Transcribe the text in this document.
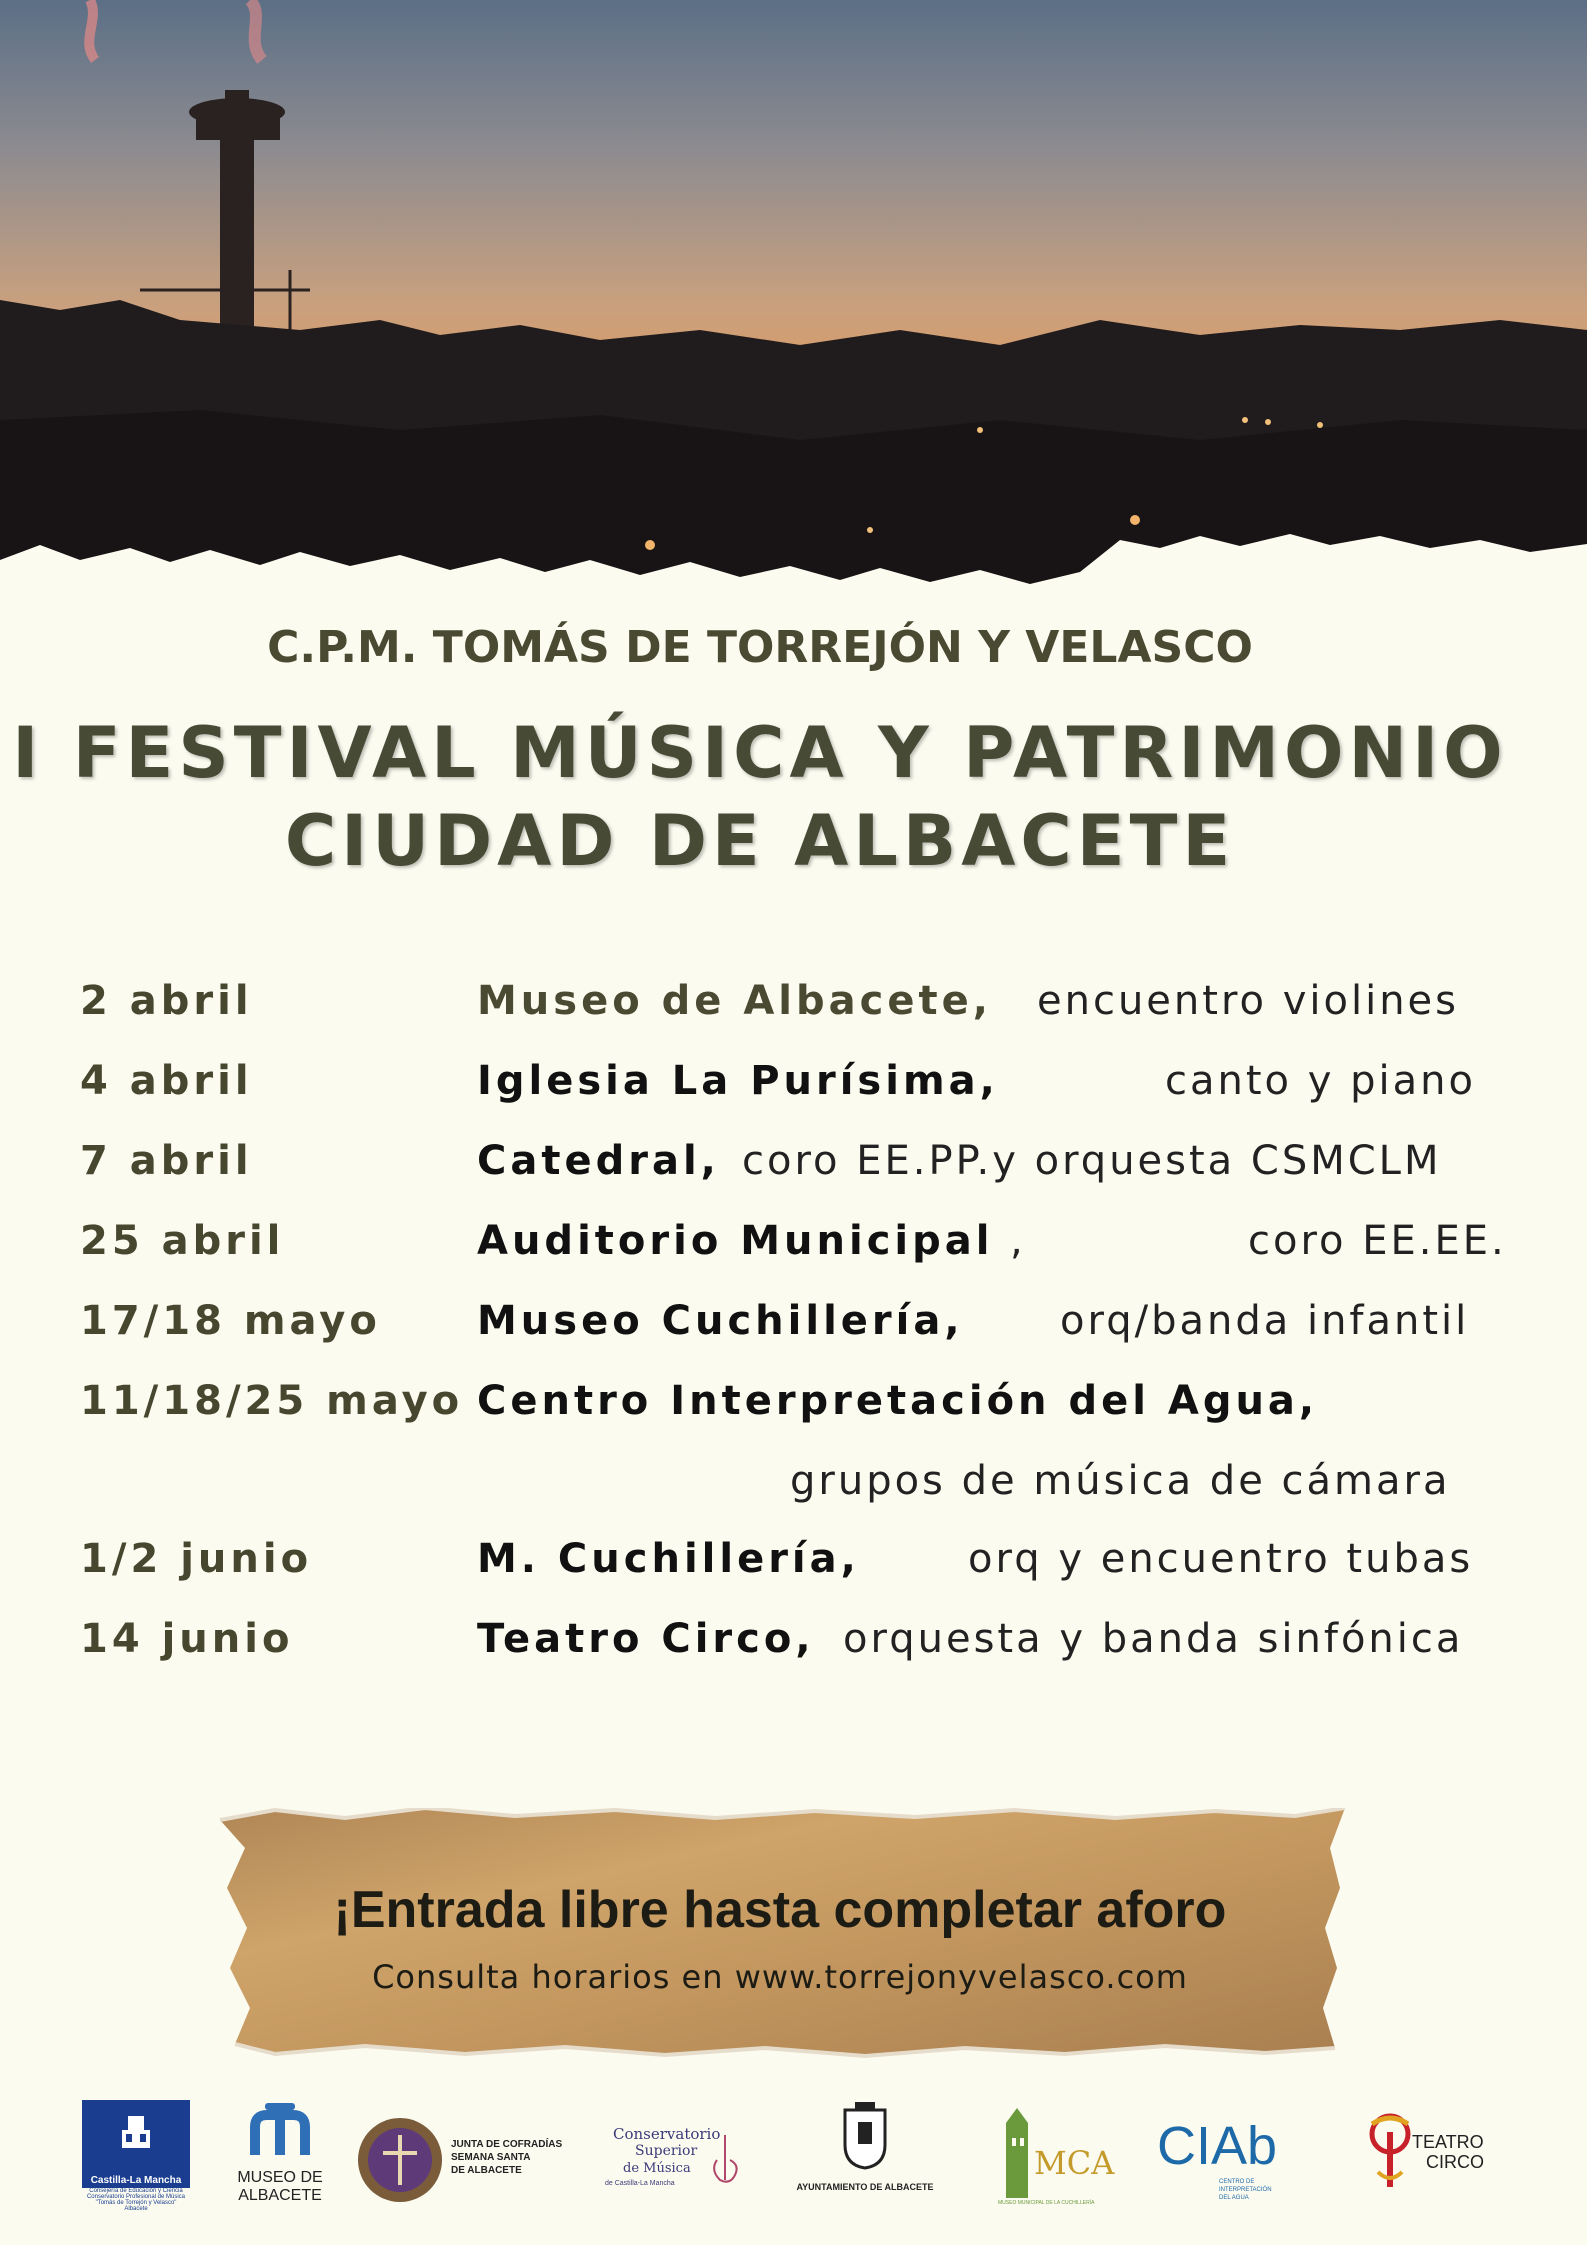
C.P.M. TOMÁS DE TORREJÓN Y VELASCO
I FESTIVAL MÚSICA Y PATRIMONIO
CIUDAD DE ALBACETE
2 abril	Museo de Albacete, encuentro violines
4 abril	Iglesia La Purísima,	canto y piano
7 abril	Catedral, coro EE.PP.y orquesta CSMCLM
25 abril	Auditorio Municipal ,	coro EE.EE.
17/18 mayo Museo Cuchillería, orq/banda infantil
11/18/25 mayo Centro Interpretación del Agua,
grupos de música de cámara
1/2 junio	M. Cuchillería,	orq y encuentro tubas
14 junio	Teatro Circo, orquesta y banda sinfónica
¡Entrada libre hasta completar aforo
Consulta horarios en www.torrejonyvelasco.com
Castilla-La Mancha
Consejería de Educación y Ciencia
Conservatorio Profesional de Música
"Tomás de Torrejón y Velasco"
Albacete
MUSEO DE
ALBACETE
JUNTA DE COFRADÍAS
SEMANA SANTA
DE ALBACETE
Conservatorio
Superior
de Música
de Castilla-La Mancha	AYUNTAMIENTO DE ALBACETE
MCA
MUSEO MUNICIPAL DE LA CUCHILLERÍA
CIAb
CENTRO DE
INTERPRETACIÓN
DEL AGUA
TEATRO
CIRCO
